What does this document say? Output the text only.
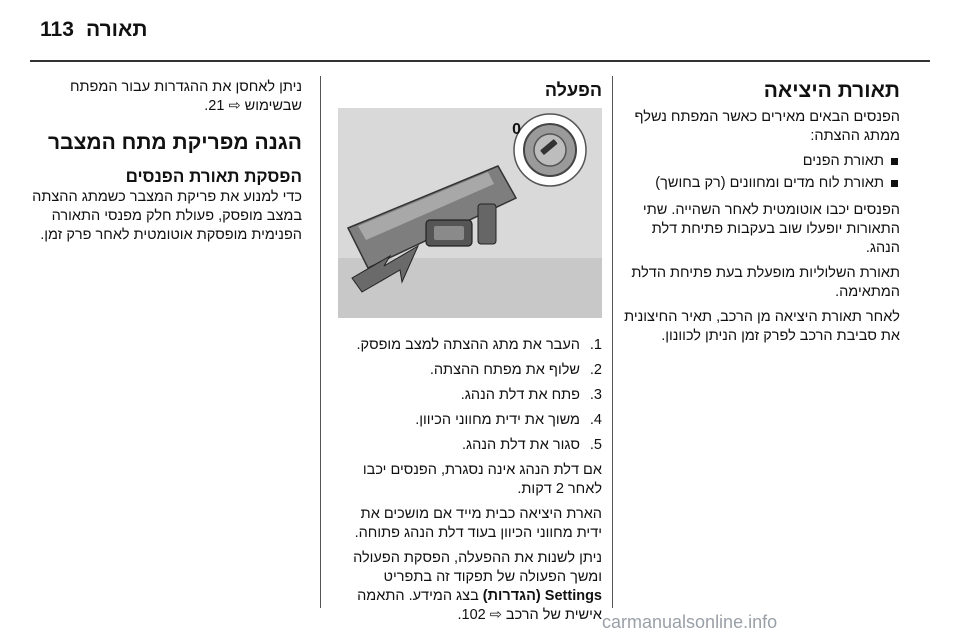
113 תאורה
תאורת היציאה

הפנסים הבאים מאירים כאשר המפתח נשלף ממתג ההצתה:

תאורת הפנים
תאורת לוח מדים ומחוונים (רק בחושך)

הפנסים יכבו אוטומטית לאחר השהייה. שתי התאורות יופעלו שוב בעקבות פתיחת דלת הנהג.

תאורת השלוליות מופעלת בעת פתיחת הדלת המתאימה.

לאחר תאורת היציאה מן הרכב, תאיר החיצונית את סביבת הרכב לפרק זמן הניתן לכוונון.

הפעלה
0
1.
העבר את מתג ההצתה למצב מופסק.
2.
שלוף את מפתח ההצתה.
3.
פתח את דלת הנהג.
4.
משוך את ידית מחווני הכיוון.
5.
סגור את דלת הנהג.

אם דלת הנהג אינה נסגרת, הפנסים יכבו לאחר 2 דקות.

הארת היציאה כבית מייד אם מושכים את ידית מחווני הכיוון בעוד דלת הנהג פתוחה.

ניתן לשנות את ההפעלה, הפסקת הפעולה ומשך הפעולה של תפקוד זה בתפריט Settings (הגדרות) בצג המידע. התאמה אישית של הרכב ⇨ 102.

ניתן לאחסן את ההגדרות עבור המפתח שבשימוש ⇨ 21.

הגנה מפריקת מתח המצבר
הפסקת תאורת הפנסים

כדי למנוע את פריקת המצבר כשמתג ההצתה במצב מופסק, פעולת חלק מפנסי התאורה הפנימית מופסקת אוטומטית לאחר פרק זמן.

carmanualsonline.info
